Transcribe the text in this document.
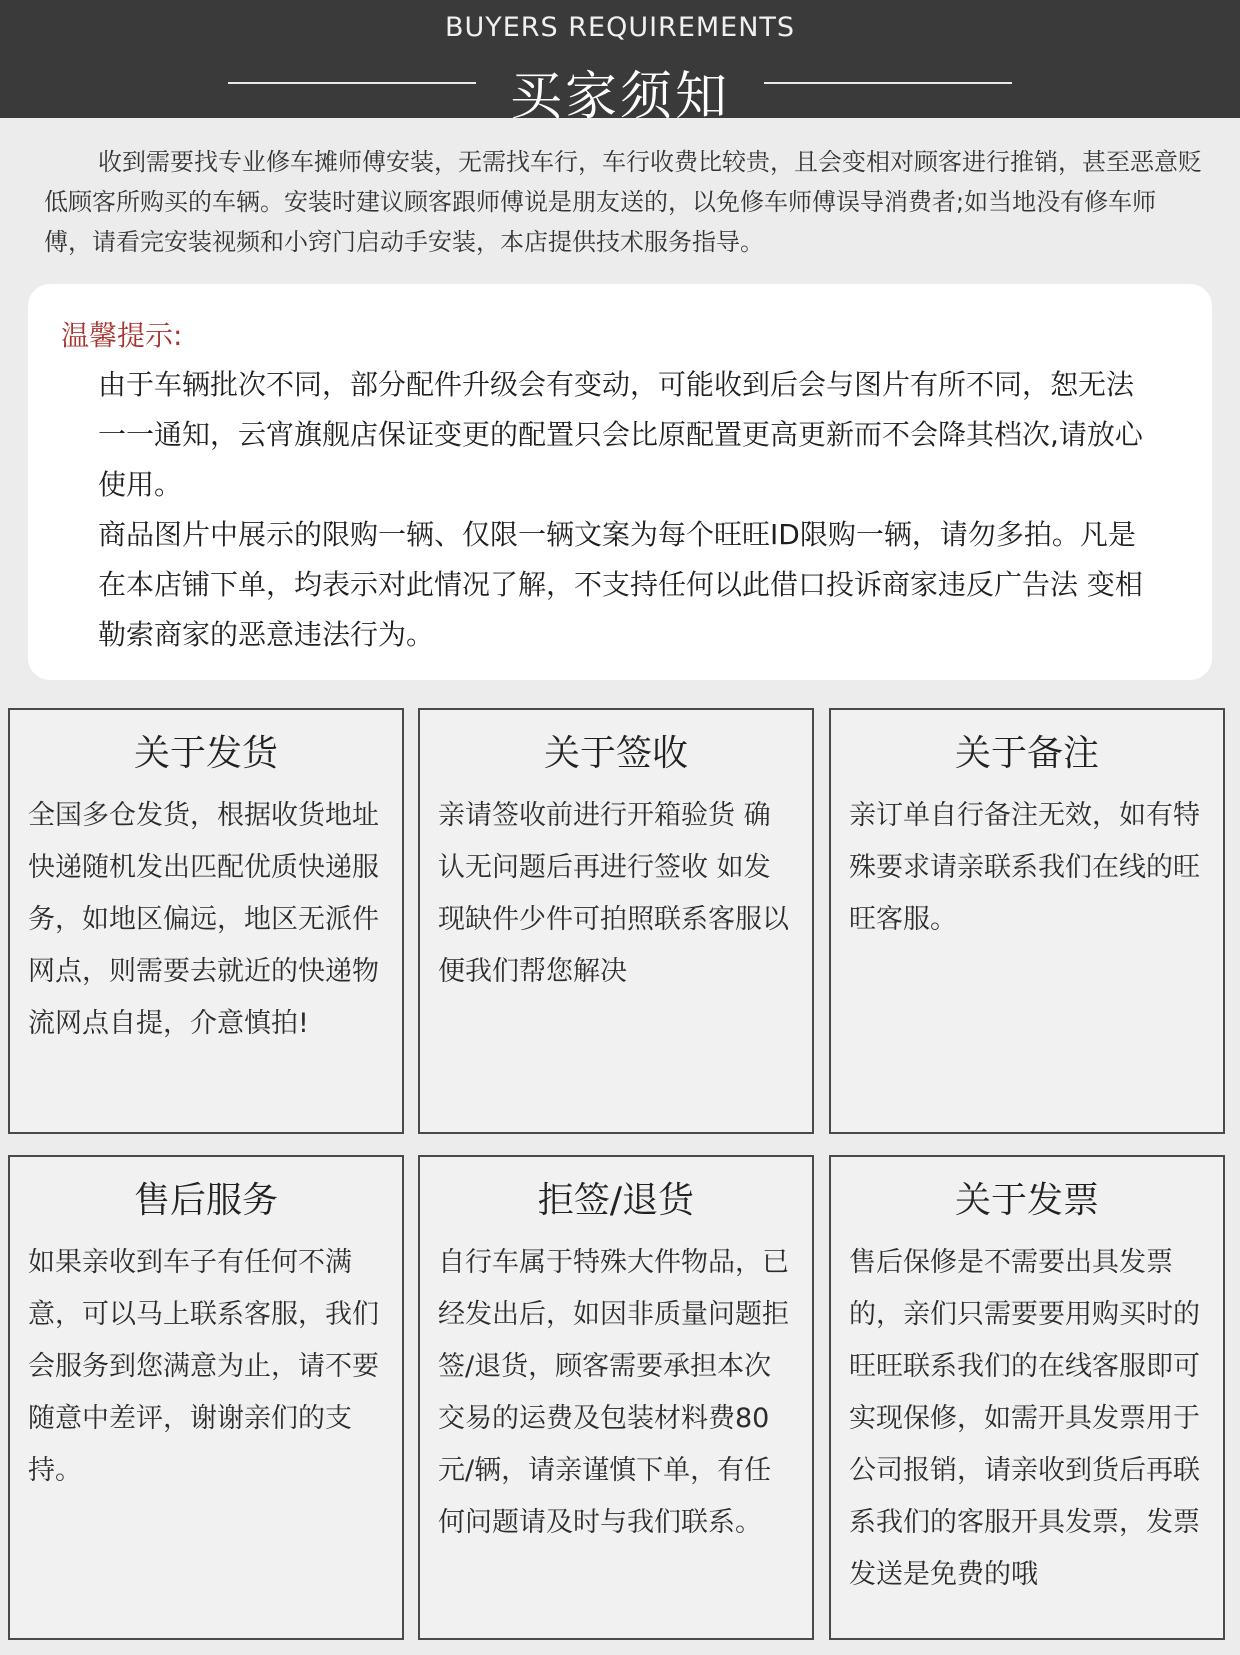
BUYERS REQUIREMENTS
买家须知

收到需要找专业修车摊师傅安装，无需找车行，车行收费比较贵，且会变相对顾客进行推销，甚至恶意贬低顾客所购买的车辆。安装时建议顾客跟师傅说是朋友送的，以免修车师傅误导消费者;如当地没有修车师傅，请看完安装视频和小窍门启动手安装，本店提供技术服务指导。

温馨提示:

由于车辆批次不同，部分配件升级会有变动，可能收到后会与图片有所不同，恕无法一一通知，云宵旗舰店保证变更的配置只会比原配置更高更新而不会降其档次,请放心使用。

商品图片中展示的限购一辆、仅限一辆文案为每个旺旺ID限购一辆，请勿多拍。凡是在本店铺下单，均表示对此情况了解，不支持任何以此借口投诉商家违反广告法 变相勒索商家的恶意违法行为。

关于发货
全国多仓发货，根据收货地址快递随机发出匹配优质快递服务，如地区偏远，地区无派件网点，则需要去就近的快递物流网点自提，介意慎拍!
关于签收
亲请签收前进行开箱验货 确认无问题后再进行签收 如发现缺件少件可拍照联系客服以便我们帮您解决
关于备注
亲订单自行备注无效，如有特殊要求请亲联系我们在线的旺旺客服。
售后服务
如果亲收到车子有任何不满意，可以马上联系客服，我们会服务到您满意为止，请不要随意中差评，谢谢亲们的支持。
拒签/退货
自行车属于特殊大件物品，已经发出后，如因非质量问题拒签/退货，顾客需要承担本次交易的运费及包装材料费80元/辆，请亲谨慎下单，有任何问题请及时与我们联系。
关于发票
售后保修是不需要出具发票的，亲们只需要要用购买时的旺旺联系我们的在线客服即可实现保修，如需开具发票用于公司报销，请亲收到货后再联系我们的客服开具发票，发票发送是免费的哦
